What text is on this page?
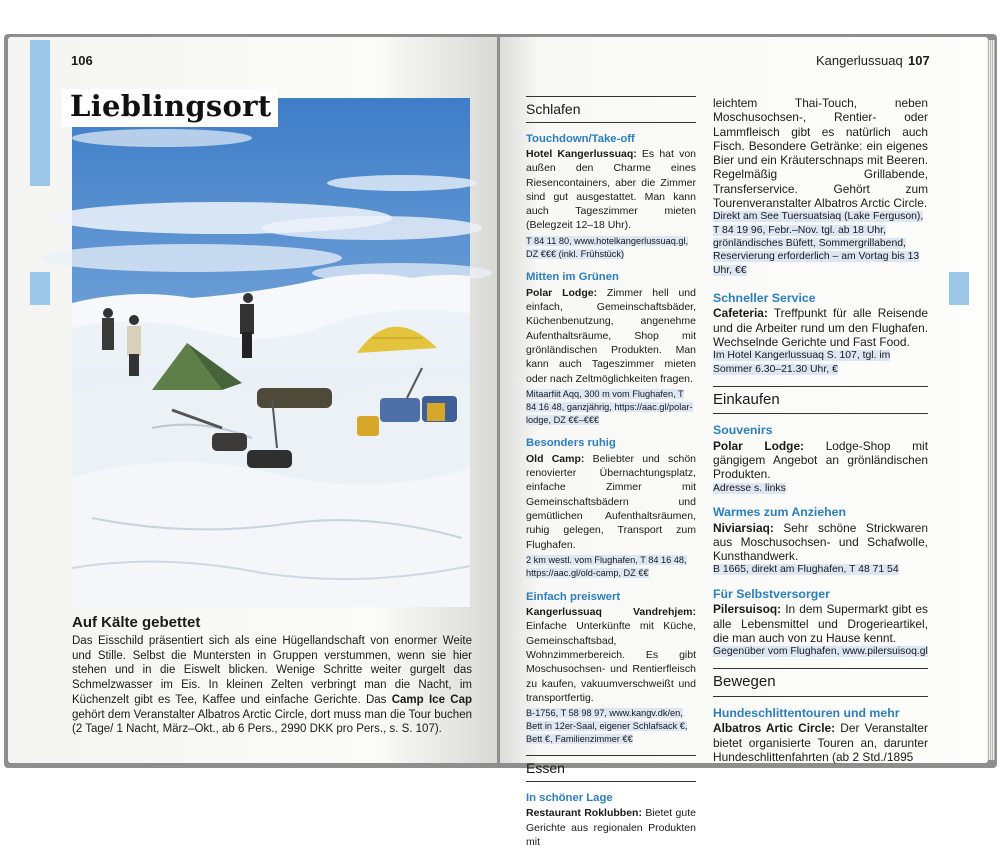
106
Lieblingsort
Auf Kälte gebettet
Das Eisschild präsentiert sich als eine Hügellandschaft von enormer Weite und Stille. Selbst die Muntersten in Gruppen verstummen, wenn sie hier stehen und in die Eiswelt blicken. Wenige Schritte weiter gurgelt das Schmelzwasser im Eis. In kleinen Zelten verbringt man die Nacht, im Küchenzelt gibt es Tee, Kaffee und einfache Gerichte. Das Camp Ice Cap gehört dem Veranstalter Albatros Arctic Circle, dort muss man die Tour buchen (2 Tage/ 1 Nacht, März–Okt., ab 6 Pers., 2990 DKK pro Pers., s. S. 107).
Kangerlussuaq 107
Schlafen
Touchdown/Take-off
Hotel Kangerlussuaq: Es hat von außen den Charme eines Riesencontainers, aber die Zimmer sind gut ausgestattet. Man kann auch Tageszimmer mieten (Belegzeit 12–18 Uhr).
T 84 11 80, www.hotelkangerlussuaq.gl, DZ €€€ (inkl. Frühstück)
Mitten im Grünen
Polar Lodge: Zimmer hell und einfach, Gemeinschaftsbäder, Küchenbenutzung, angenehme Aufenthaltsräume, Shop mit grönländischen Produkten. Man kann auch Tageszimmer mieten oder nach Zeltmöglichkeiten fragen.
Mitaarfiit Aqq, 300 m vom Flughafen, T 84 16 48, ganzjährig, https://aac.gl/polar-lodge, DZ €€–€€€
Besonders ruhig
Old Camp: Beliebter und schön renovierter Übernachtungsplatz, einfache Zimmer mit Gemeinschaftsbädern und gemütlichen Aufenthaltsräumen, ruhig gelegen, Transport zum Flughafen.
2 km westl. vom Flughafen, T 84 16 48, https://aac.gl/old-camp, DZ €€
Einfach preiswert
Kangerlussuaq Vandrehjem: Einfache Unterkünfte mit Küche, Gemeinschaftsbad, Wohnzimmerbereich. Es gibt Moschusochsen- und Rentierfleisch zu kaufen, vakuumverschweißt und transportfertig.
B-1756, T 58 98 97, www.kangv.dk/en, Bett in 12er-Saal, eigener Schlafsack €, Bett €, Familienzimmer €€
Essen
In schöner Lage
Restaurant Roklubben: Bietet gute Gerichte aus regionalen Produkten mit
leichtem Thai-Touch, neben Moschusochsen-, Rentier- oder Lammfleisch gibt es natürlich auch Fisch. Besondere Getränke: ein eigenes Bier und ein Kräuterschnaps mit Beeren. Regelmäßig Grillabende, Transferservice. Gehört zum Tourenveranstalter Albatros Arctic Circle.
Direkt am See Tuersuatsiaq (Lake Ferguson), T 84 19 96, Febr.–Nov. tgl. ab 18 Uhr, grönländisches Büfett, Sommergrillabend, Reservierung erforderlich – am Vortag bis 13 Uhr, €€
Schneller Service
Cafeteria: Treffpunkt für alle Reisende und die Arbeiter rund um den Flughafen. Wechselnde Gerichte und Fast Food.
Im Hotel Kangerlussuaq S. 107, tgl. im Sommer 6.30–21.30 Uhr, €
Einkaufen
Souvenirs
Polar Lodge: Lodge-Shop mit gängigem Angebot an grönländischen Produkten.
Adresse s. links
Warmes zum Anziehen
Niviarsiaq: Sehr schöne Strickwaren aus Moschusochsen- und Schafwolle, Kunsthandwerk.
B 1665, direkt am Flughafen, T 48 71 54
Für Selbstversorger
Pilersuisoq: In dem Supermarkt gibt es alle Lebensmittel und Drogerieartikel, die man auch von zu Hause kennt.
Gegenüber vom Flughafen, www.pilersuisoq.gl
Bewegen
Hundeschlittentouren und mehr
Albatros Artic Circle: Der Veranstalter bietet organisierte Touren an, darunter Hundeschlittenfahrten (ab 2 Std./1895
